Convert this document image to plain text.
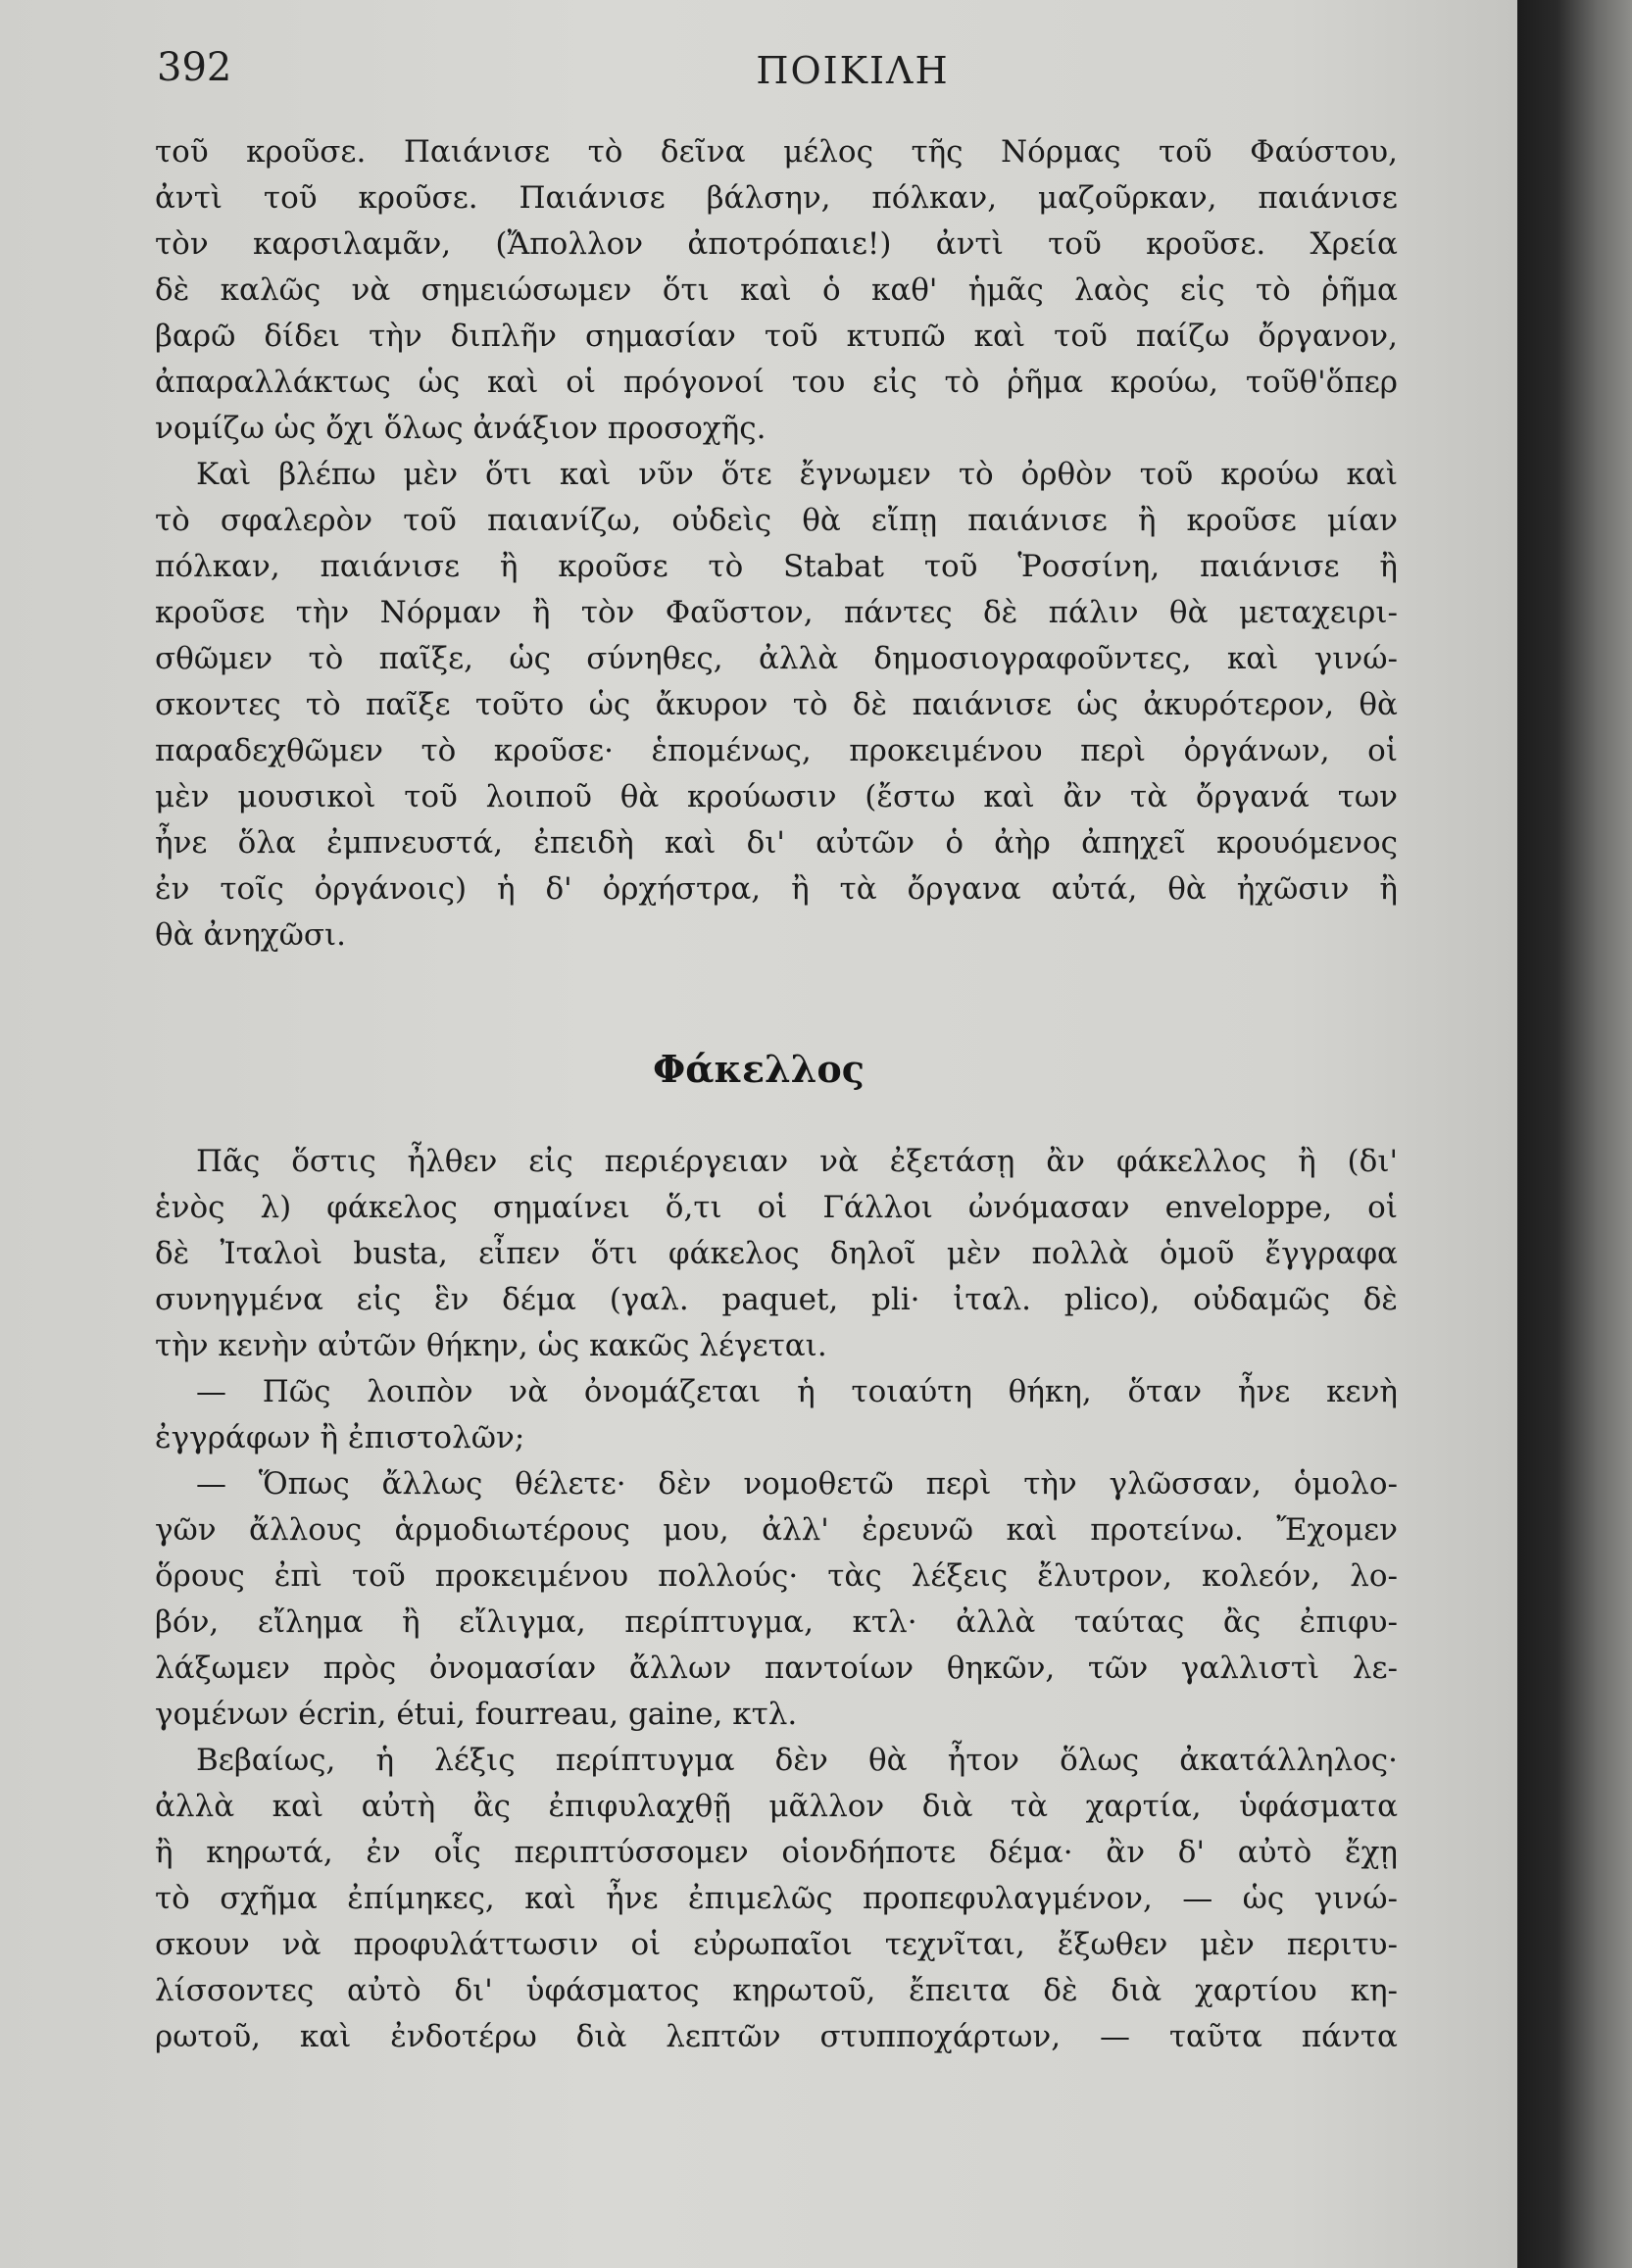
392	ΠΟΙΚΙΛΗ
τοῦ κροῦσε. Παιάνισε τὸ δεῖνα μέλος τῆς Νόρμας τοῦ Φαύστου,
ἀντὶ τοῦ κροῦσε. Παιάνισε βάλσην, πόλκαν, μαζοῦρκαν, παιάνισε
τὸν καρσιλαμᾶν, (Ἄπολλον ἀποτρόπαιε!) ἀντὶ τοῦ κροῦσε. Χρεία
δὲ καλῶς νὰ σημειώσωμεν ὅτι καὶ ὁ καθ' ἡμᾶς λαὸς εἰς τὸ ῥῆμα
βαρῶ δίδει τὴν διπλῆν σημασίαν τοῦ κτυπῶ καὶ τοῦ παίζω ὄργανον,
ἀπαραλλάκτως ὡς καὶ οἱ πρόγονοί του εἰς τὸ ῥῆμα κρούω, τοῦθ'ὅπερ
νομίζω ὡς ὄχι ὅλως ἀνάξιον προσοχῆς.
Καὶ βλέπω μὲν ὅτι καὶ νῦν ὅτε ἔγνωμεν τὸ ὀρθὸν τοῦ κρούω καὶ
τὸ σφαλερὸν τοῦ παιανίζω, οὐδεὶς θὰ εἴπῃ παιάνισε ἢ κροῦσε μίαν
πόλκαν, παιάνισε ἢ κροῦσε τὸ Stabat τοῦ Ῥοσσίνη, παιάνισε ἢ
κροῦσε τὴν Νόρμαν ἢ τὸν Φαῦστον, πάντες δὲ πάλιν θὰ μεταχειρι-
σθῶμεν τὸ παῖξε, ὡς σύνηθες, ἀλλὰ δημοσιογραφοῦντες, καὶ γινώ-
σκοντες τὸ παῖξε τοῦτο ὡς ἄκυρον τὸ δὲ παιάνισε ὡς ἀκυρότερον, θὰ
παραδεχθῶμεν τὸ κροῦσε· ἑπομένως, προκειμένου περὶ ὀργάνων, οἱ
μὲν μουσικοὶ τοῦ λοιποῦ θὰ κρούωσιν (ἔστω καὶ ἂν τὰ ὄργανά των
ἦνε ὅλα ἐμπνευστά, ἐπειδὴ καὶ δι' αὐτῶν ὁ ἀὴρ ἀπηχεῖ κρουόμενος
ἐν τοῖς ὀργάνοις) ἡ δ' ὀρχήστρα, ἢ τὰ ὄργανα αὐτά, θὰ ἠχῶσιν ἢ
θὰ ἀνηχῶσι.
Φάκελλος
Πᾶς ὅστις ἦλθεν εἰς περιέργειαν νὰ ἐξετάσῃ ἂν φάκελλος ἢ (δι'
ἑνὸς λ) φάκελος σημαίνει ὅ,τι οἱ Γάλλοι ὠνόμασαν enveloppe, οἱ
δὲ Ἰταλοὶ busta, εἶπεν ὅτι φάκελος δηλοῖ μὲν πολλὰ ὁμοῦ ἔγγραφα
συνηγμένα εἰς ἓν δέμα (γαλ. paquet, pli· ἰταλ. plico), οὐδαμῶς δὲ
τὴν κενὴν αὐτῶν θήκην, ὡς κακῶς λέγεται.
— Πῶς λοιπὸν νὰ ὀνομάζεται ἡ τοιαύτη θήκη, ὅταν ἦνε κενὴ
ἐγγράφων ἢ ἐπιστολῶν;
— Ὅπως ἄλλως θέλετε· δὲν νομοθετῶ περὶ τὴν γλῶσσαν, ὁμολο-
γῶν ἄλλους ἁρμοδιωτέρους μου, ἀλλ' ἐρευνῶ καὶ προτείνω. Ἔχομεν
ὅρους ἐπὶ τοῦ προκειμένου πολλούς· τὰς λέξεις ἔλυτρον, κολεόν, λο-
βόν, εἴλημα ἢ εἴλιγμα, περίπτυγμα, κτλ· ἀλλὰ ταύτας ἂς ἐπιφυ-
λάξωμεν πρὸς ὀνομασίαν ἄλλων παντοίων θηκῶν, τῶν γαλλιστὶ λε-
γομένων écrin, étui, fourreau, gaine, κτλ.
Βεβαίως, ἡ λέξις περίπτυγμα δὲν θὰ ἦτον ὅλως ἀκατάλληλος·
ἀλλὰ καὶ αὐτὴ ἂς ἐπιφυλαχθῇ μᾶλλον διὰ τὰ χαρτία, ὑφάσματα
ἢ κηρωτά, ἐν οἷς περιπτύσσομεν οἱονδήποτε δέμα· ἂν δ' αὐτὸ ἔχῃ
τὸ σχῆμα ἐπίμηκες, καὶ ἦνε ἐπιμελῶς προπεφυλαγμένον, — ὡς γινώ-
σκουν νὰ προφυλάττωσιν οἱ εὐρωπαῖοι τεχνῖται, ἔξωθεν μὲν περιτυ-
λίσσοντες αὐτὸ δι' ὑφάσματος κηρωτοῦ, ἔπειτα δὲ διὰ χαρτίου κη-
ρωτοῦ, καὶ ἐνδοτέρω διὰ λεπτῶν στυπποχάρτων, — ταῦτα πάντα
